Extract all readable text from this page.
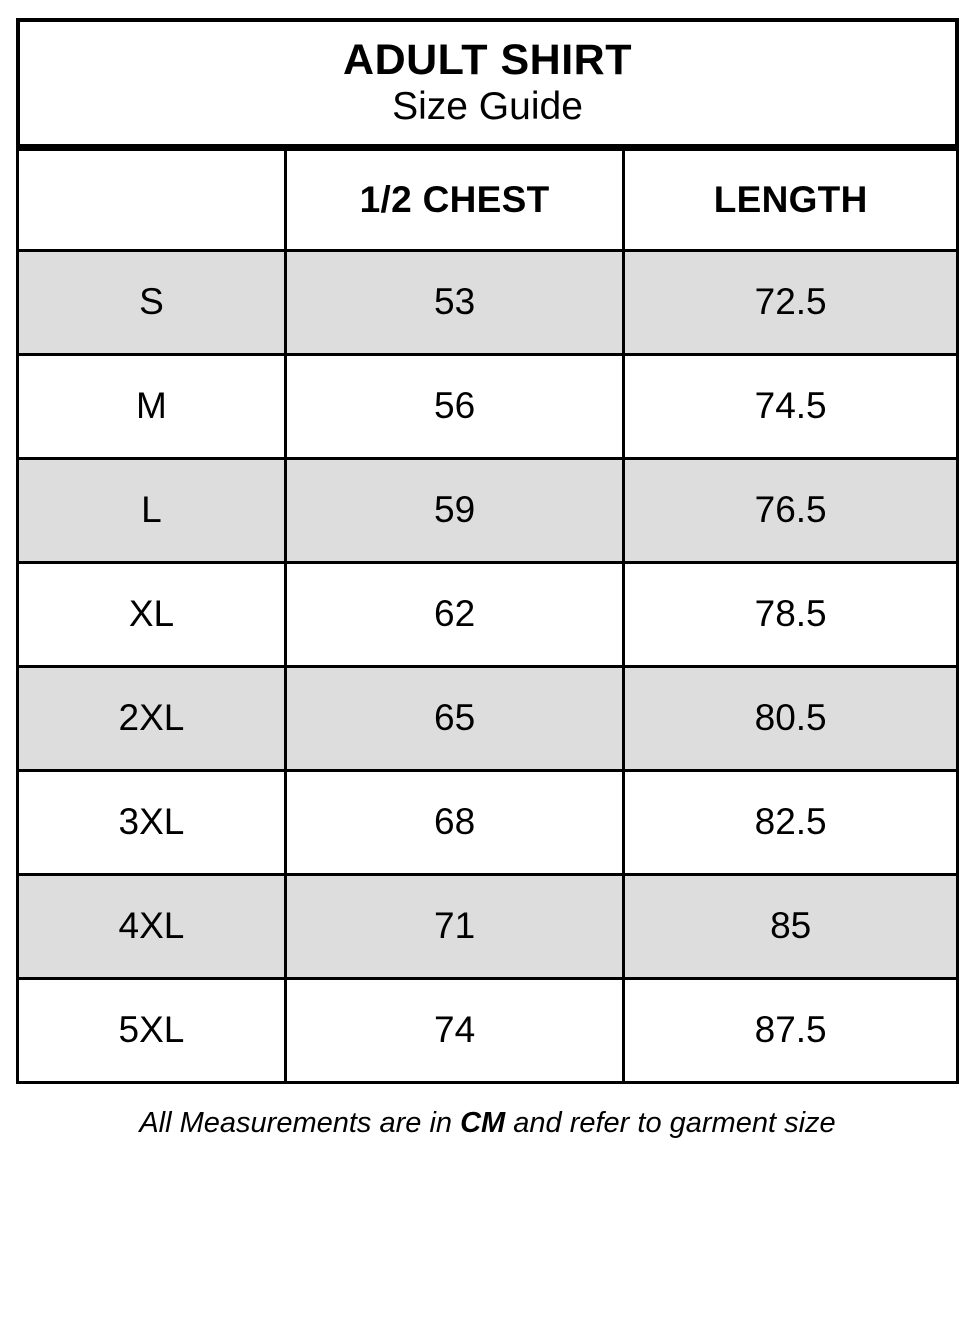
ADULT SHIRT
Size Guide
	1/2 CHEST	LENGTH
S	53	72.5
M	56	74.5
L	59	76.5
XL	62	78.5
2XL	65	80.5
3XL	68	82.5
4XL	71	85
5XL	74	87.5
All Measurements are in CM and refer to garment size
